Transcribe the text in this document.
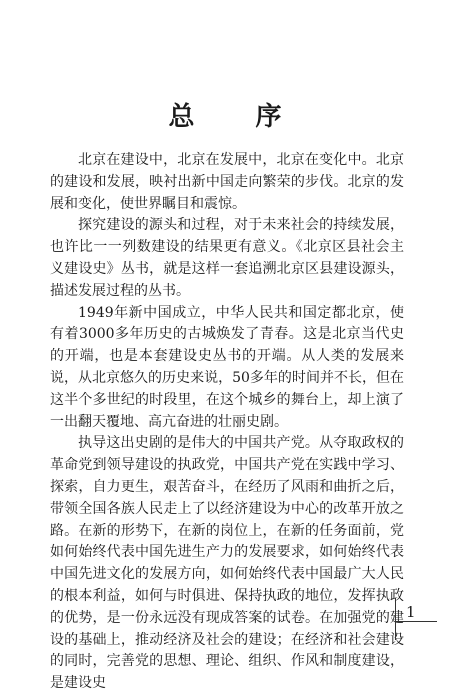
总 序

北京在建设中，北京在发展中，北京在变化中。北京的建设和发展，映衬出新中国走向繁荣的步伐。北京的发展和变化，使世界瞩目和震惊。

探究建设的源头和过程，对于未来社会的持续发展，也许比一一列数建设的结果更有意义。《北京区县社会主义建设史》丛书，就是这样一套追溯北京区县建设源头，描述发展过程的丛书。

1949年新中国成立，中华人民共和国定都北京，使有着3000多年历史的古城焕发了青春。这是北京当代史的开端，也是本套建设史丛书的开端。从人类的发展来说，从北京悠久的历史来说，50多年的时间并不长，但在这半个多世纪的时段里，在这个城乡的舞台上，却上演了一出翻天覆地、高亢奋进的壮丽史剧。

执导这出史剧的是伟大的中国共产党。从夺取政权的革命党到领导建设的执政党，中国共产党在实践中学习、探索，自力更生，艰苦奋斗，在经历了风雨和曲折之后，带领全国各族人民走上了以经济建设为中心的改革开放之路。在新的形势下，在新的岗位上，在新的任务面前，党如何始终代表中国先进生产力的发展要求，如何始终代表中国先进文化的发展方向，如何始终代表中国最广大人民的根本利益，如何与时俱进、保持执政的地位，发挥执政的优势，是一份永远没有现成答案的试卷。在加强党的建设的基础上，推动经济及社会的建设；在经济和社会建设的同时，完善党的思想、理论、组织、作风和制度建设，是建设史

1
